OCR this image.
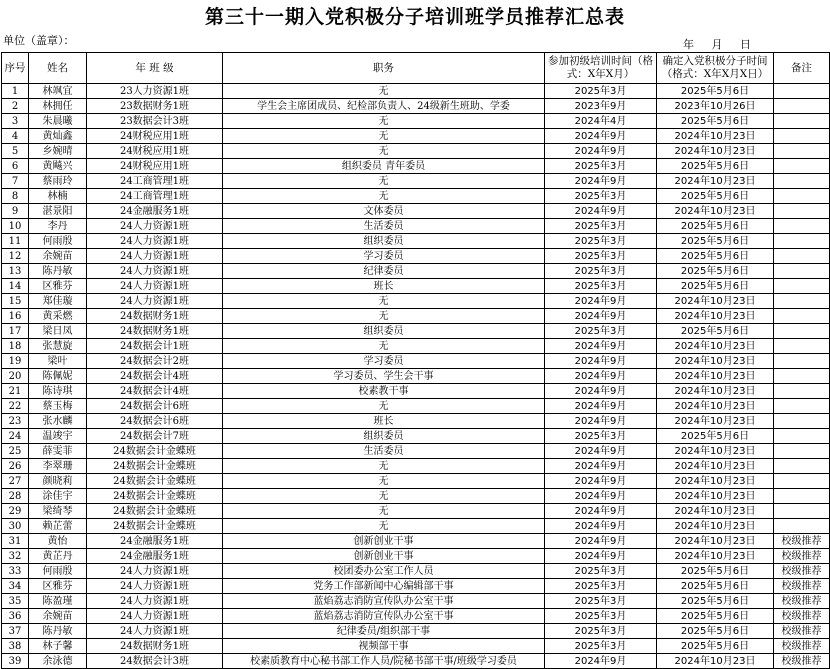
第三十一期入党积极分子培训班学员推荐汇总表
单位（盖章）：	年 月 日
序号	姓名	年 班 级	职务	参加初级培训时间（格式：X年X月）	确定入党积极分子时间（格式：X年X月X日）	备注
1	林飒宜	23人力资源1班	无	2025年3月	2025年5月6日	
2	林拥任	23数据财务1班	学生会主席团成员、纪检部负责人、24级新生班助、学委	2023年9月	2023年10月26日	
3	朱晨曦	23数据会计3班	无	2024年4月	2025年5月6日	
4	黄灿鑫	24财税应用1班	无	2024年9月	2024年10月23日	
5	乡婉晴	24财税应用1班	无	2024年9月	2024年10月23日	
6	黄飚兴	24财税应用1班	组织委员 青年委员	2025年3月	2025年5月6日	
7	蔡雨玲	24工商管理1班	无	2024年9月	2024年10月23日	
8	林楠	24工商管理1班	无	2025年3月	2025年5月6日	
9	湛景阳	24金融服务1班	文体委员	2024年9月	2024年10月23日	
10	李丹	24人力资源1班	生活委员	2025年3月	2025年5月6日	
11	何雨殷	24人力资源1班	组织委员	2025年3月	2025年5月6日	
12	余婉苗	24人力资源1班	学习委员	2025年3月	2025年5月6日	
13	陈丹敏	24人力资源1班	纪律委员	2025年3月	2025年5月6日	
14	区雅芬	24人力资源1班	班长	2025年3月	2025年5月6日	
15	郑佳璇	24人力资源1班	无	2024年9月	2024年10月23日	
16	黄采燃	24数据财务1班	无	2024年9月	2024年10月23日	
17	梁日凤	24数据财务1班	组织委员	2025年3月	2025年5月6日	
18	张慧旋	24数据会计1班	无	2024年9月	2024年10月23日	
19	梁叶	24数据会计2班	学习委员	2024年9月	2024年10月23日	
20	陈佩妮	24数据会计4班	学习委员、学生会干事	2024年9月	2024年10月23日	
21	陈诗琪	24数据会计4班	校素教干事	2024年9月	2024年10月23日	
22	蔡玉梅	24数据会计6班	无	2024年9月	2024年10月23日	
23	张水麟	24数据会计6班	班长	2024年9月	2024年10月23日	
24	温竣宇	24数据会计7班	组织委员	2025年3月	2025年5月6日	
25	薛雯菲	24数据会计金蝶班	生活委员	2024年9月	2024年10月23日	
26	李翠珊	24数据会计金蝶班	无	2024年9月	2024年10月23日	
27	颜晓莉	24数据会计金蝶班	无	2024年9月	2024年10月23日	
28	涂佳宇	24数据会计金蝶班	无	2024年9月	2024年10月23日	
29	梁绮琴	24数据会计金蝶班	无	2024年9月	2024年10月23日	
30	赖芷蕾	24数据会计金蝶班	无	2024年9月	2024年10月23日	
31	黄怡	24金融服务1班	创新创业干事	2024年9月	2024年10月23日	校级推荐
32	黄芷丹	24金融服务1班	创新创业干事	2024年9月	2024年10月23日	校级推荐
33	何雨殷	24人力资源1班	校团委办公室工作人员	2025年3月	2025年5月6日	校级推荐
34	区雅芬	24人力资源1班	党务工作部新闻中心编辑部干事	2025年3月	2025年5月6日	校级推荐
35	陈盈瑾	24人力资源1班	蓝焰荔志消防宣传队办公室干事	2025年3月	2025年5月6日	校级推荐
36	余婉苗	24人力资源1班	蓝焰荔志消防宣传队办公室干事	2025年3月	2025年5月6日	校级推荐
37	陈丹敏	24人力资源1班	纪律委员/组织部干事	2025年3月	2025年5月6日	校级推荐
38	林子馨	24数据财务1班	视频部干事	2025年3月	2025年5月6日	校级推荐
39	余泳德	24数据会计3班	校素质教育中心秘书部工作人员/院秘书部干事/班级学习委员	2024年9月	2024年10月23日	校级推荐
